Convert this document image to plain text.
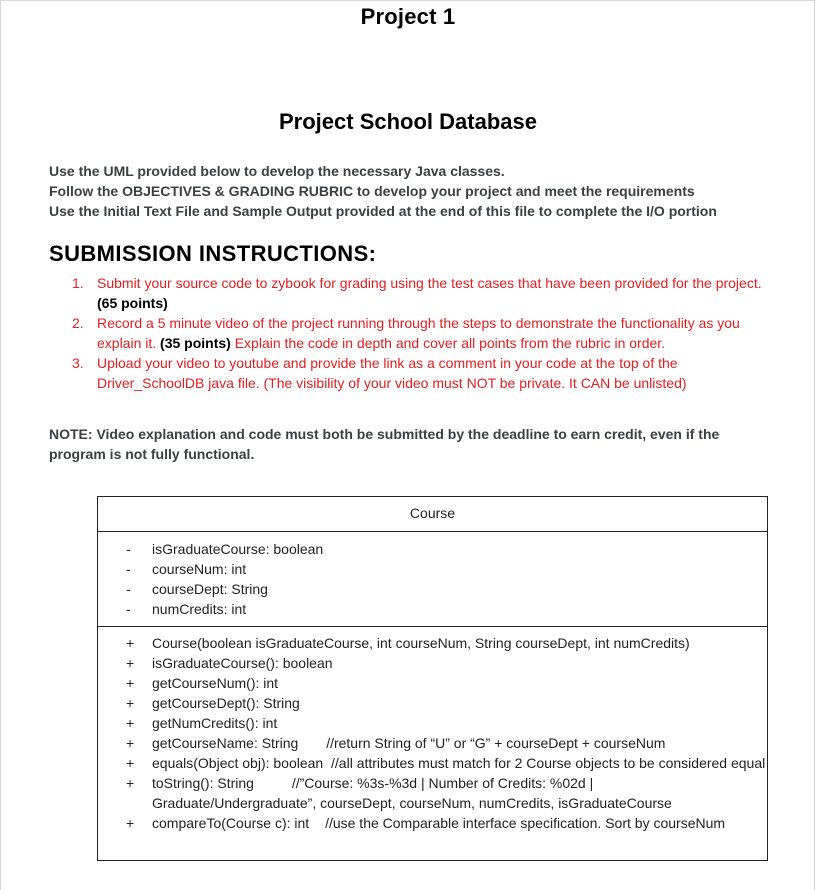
Project 1
Project School Database
Use the UML provided below to develop the necessary Java classes.
Follow the OBJECTIVES & GRADING RUBRIC to develop your project and meet the requirements
Use the Initial Text File and Sample Output provided at the end of this file to complete the I/O portion
SUBMISSION INSTRUCTIONS:
1. Submit your source code to zybook for grading using the test cases that have been provided for the project. (65 points)
2. Record a 5 minute video of the project running through the steps to demonstrate the functionality as you explain it. (35 points) Explain the code in depth and cover all points from the rubric in order.
3. Upload your video to youtube and provide the link as a comment in your code at the top of the Driver_SchoolDB java file. (The visibility of your video must NOT be private. It CAN be unlisted)
NOTE: Video explanation and code must both be submitted by the deadline to earn credit, even if the program is not fully functional.
Course
- isGraduateCourse: boolean
- courseNum: int
- courseDept: String
- numCredits: int
+ Course(boolean isGraduateCourse, int courseNum, String courseDept, int numCredits)
+ isGraduateCourse(): boolean
+ getCourseNum(): int
+ getCourseDept(): String
+ getNumCredits(): int
+ getCourseName: String //return String of “U” or “G” + courseDept + courseNum
+ equals(Object obj): boolean //all attributes must match for 2 Course objects to be considered equal
+ toString(): String	//”Course: %3s-%3d | Number of Credits: %02d |
Graduate/Undergraduate”, courseDept, courseNum, numCredits, isGraduateCourse
+ compareTo(Course c): int //use the Comparable interface specification. Sort by courseNum
